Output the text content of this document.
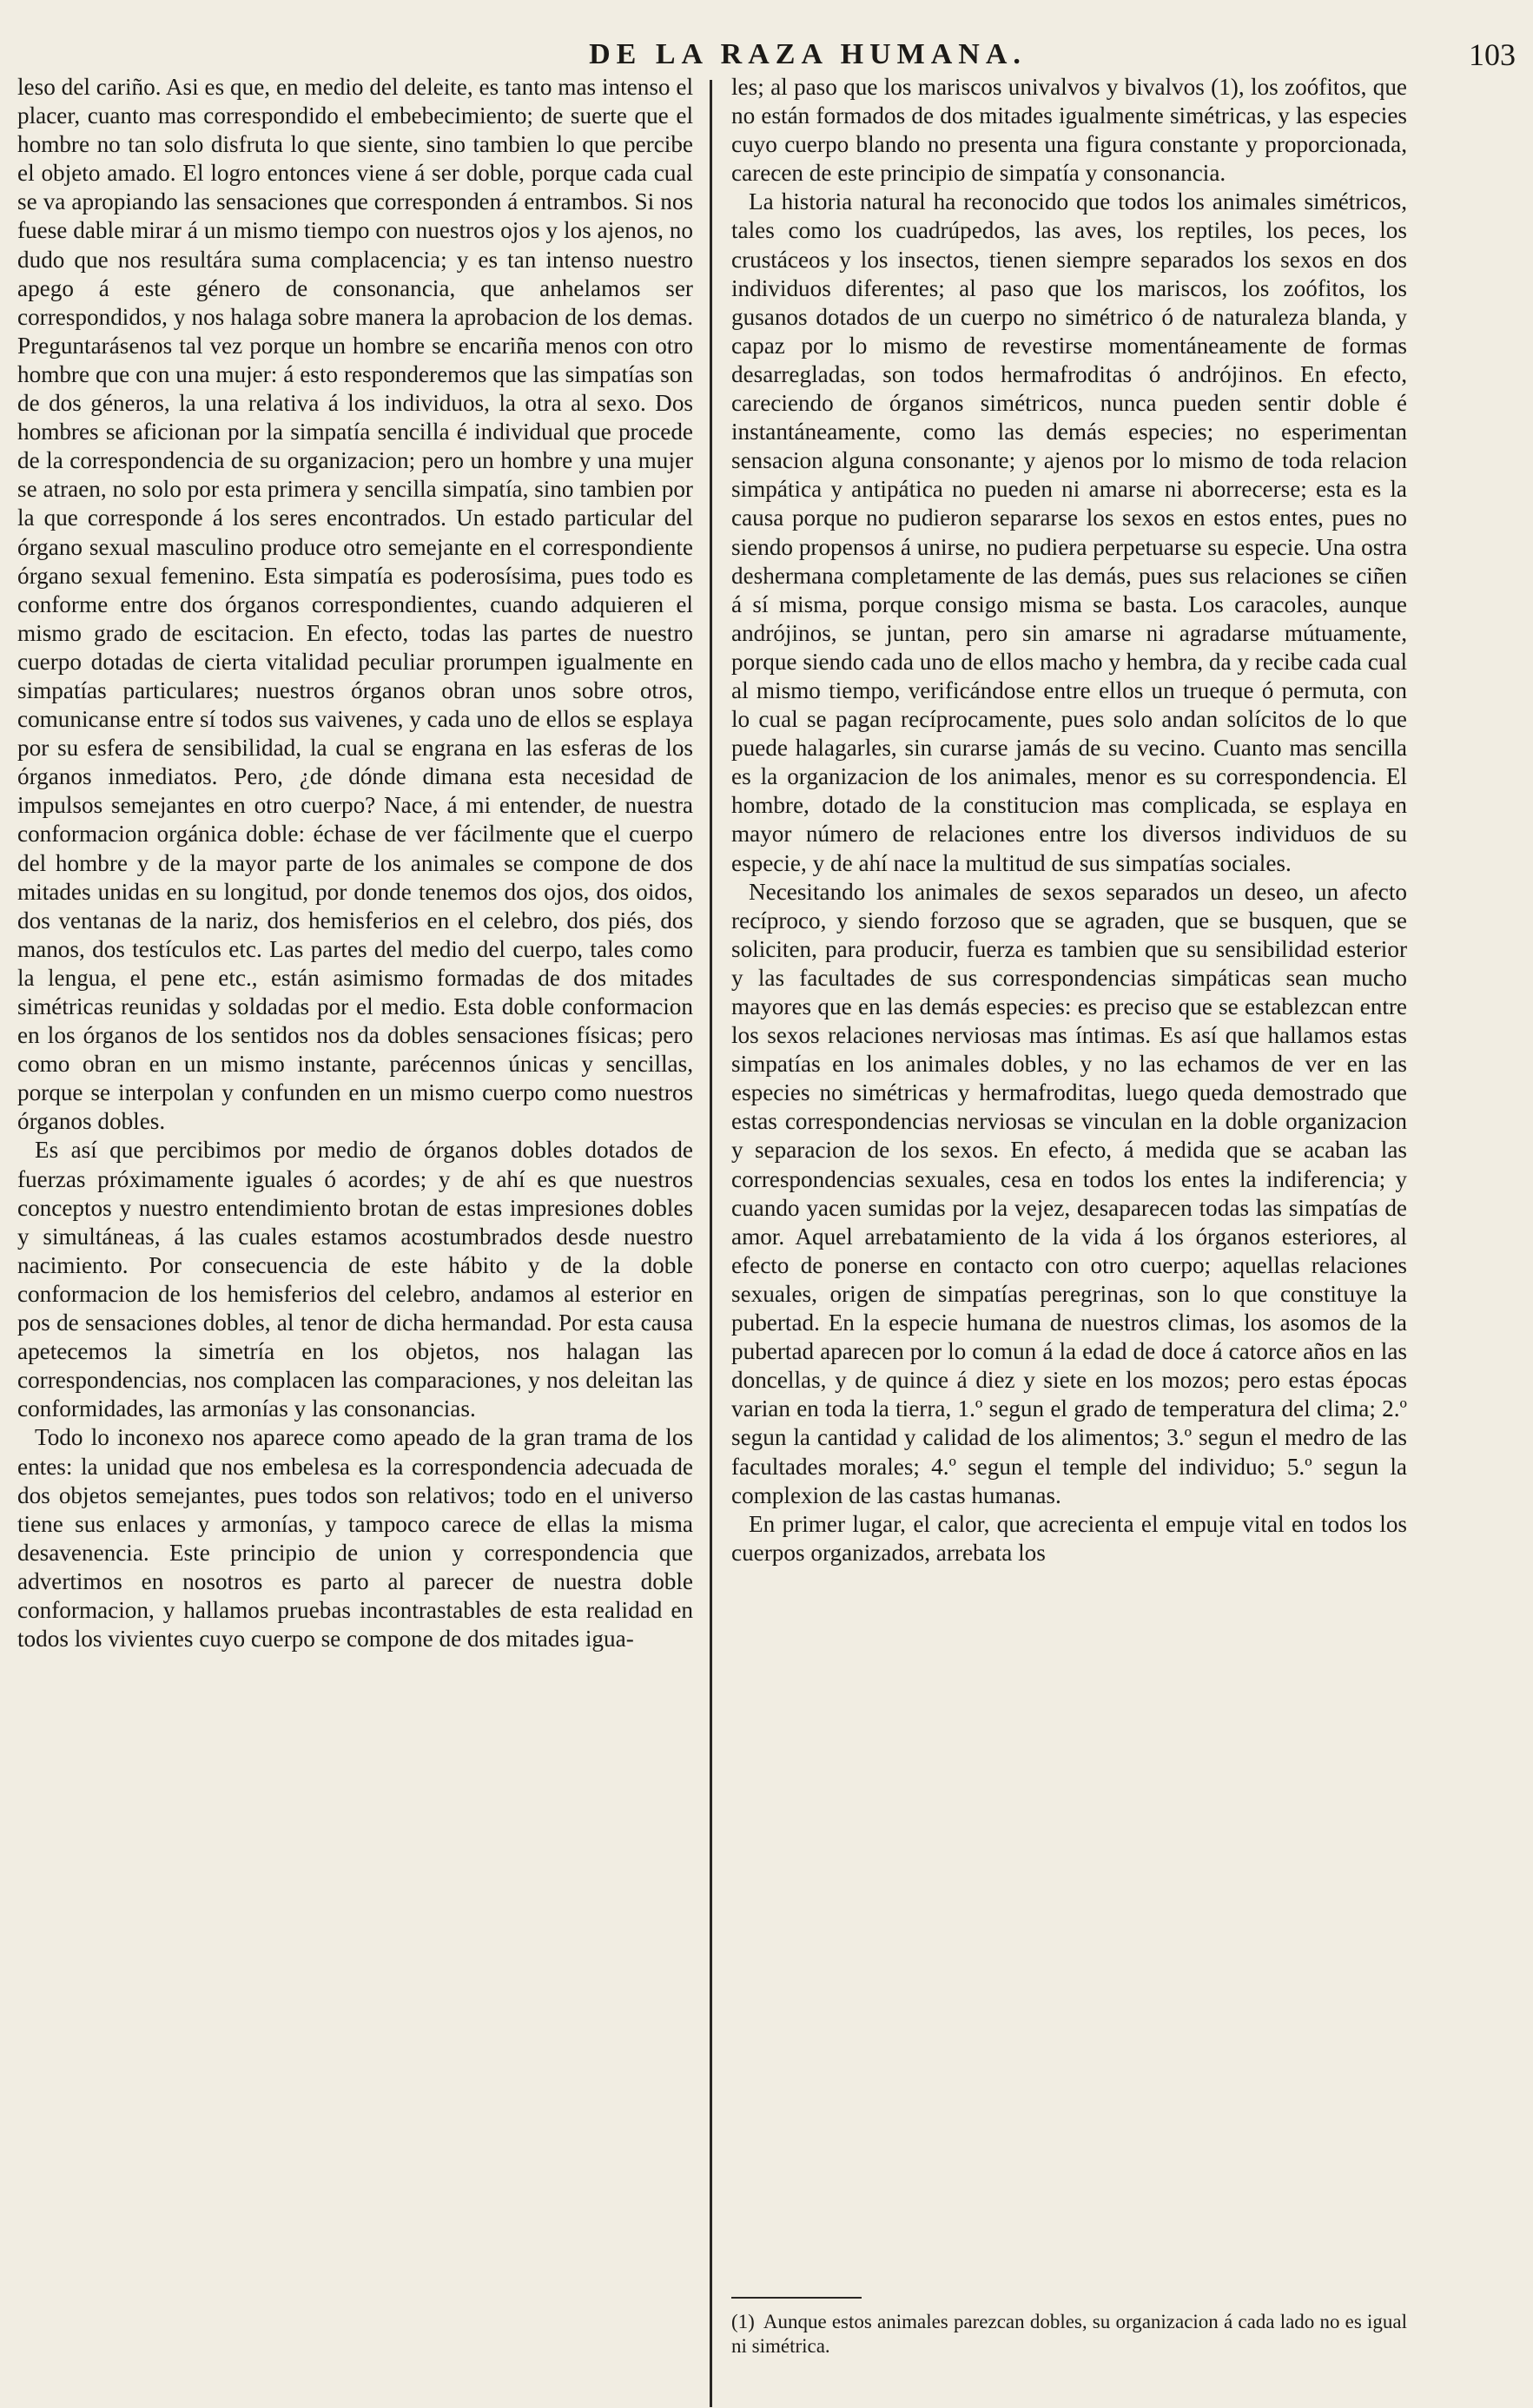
DE LA RAZA HUMANA.	103

leso del cariño. Asi es que, en medio del deleite, es tanto mas intenso el placer, cuanto mas correspondido el embebecimiento; de suerte que el hombre no tan solo disfruta lo que siente, sino tambien lo que percibe el objeto amado. El logro entonces viene á ser doble, porque cada cual se va apropiando las sensaciones que corresponden á entrambos. Si nos fuese dable mirar á un mismo tiempo con nuestros ojos y los ajenos, no dudo que nos resultára suma complacencia; y es tan intenso nuestro apego á este género de consonancia, que anhelamos ser correspondidos, y nos halaga sobre manera la aprobacion de los demas. Preguntarásenos tal vez porque un hombre se encariña menos con otro hombre que con una mujer: á esto responderemos que las simpatías son de dos géneros, la una relativa á los individuos, la otra al sexo. Dos hombres se aficionan por la simpatía sencilla é individual que procede de la correspondencia de su organizacion; pero un hombre y una mujer se atraen, no solo por esta primera y sencilla simpatía, sino tambien por la que corresponde á los seres encontrados. Un estado particular del órgano sexual masculino produce otro semejante en el correspondiente órgano sexual femenino. Esta simpatía es poderosísima, pues todo es conforme entre dos órganos correspondientes, cuando adquieren el mismo grado de escitacion. En efecto, todas las partes de nuestro cuerpo dotadas de cierta vitalidad peculiar prorumpen igualmente en simpatías particulares; nuestros órganos obran unos sobre otros, comunicanse entre sí todos sus vaivenes, y cada uno de ellos se esplaya por su esfera de sensibilidad, la cual se engrana en las esferas de los órganos inmediatos. Pero, ¿de dónde dimana esta necesidad de impulsos semejantes en otro cuerpo? Nace, á mi entender, de nuestra conformacion orgánica doble: échase de ver fácilmente que el cuerpo del hombre y de la mayor parte de los animales se compone de dos mitades unidas en su longitud, por donde tenemos dos ojos, dos oidos, dos ventanas de la nariz, dos hemisferios en el celebro, dos piés, dos manos, dos testículos etc. Las partes del medio del cuerpo, tales como la lengua, el pene etc., están asimismo formadas de dos mitades simétricas reunidas y soldadas por el medio. Esta doble conformacion en los órganos de los sentidos nos da dobles sensaciones físicas; pero como obran en un mismo instante, parécennos únicas y sencillas, porque se interpolan y confunden en un mismo cuerpo como nuestros órganos dobles.

Es así que percibimos por medio de órganos dobles dotados de fuerzas próximamente iguales ó acordes; y de ahí es que nuestros conceptos y nuestro entendimiento brotan de estas impresiones dobles y simultáneas, á las cuales estamos acostumbrados desde nuestro nacimiento. Por consecuencia de este hábito y de la doble conformacion de los hemisferios del celebro, andamos al esterior en pos de sensaciones dobles, al tenor de dicha hermandad. Por esta causa apetecemos la simetría en los objetos, nos halagan las correspondencias, nos complacen las comparaciones, y nos deleitan las conformidades, las armonías y las consonancias.

Todo lo inconexo nos aparece como apeado de la gran trama de los entes: la unidad que nos embelesa es la correspondencia adecuada de dos objetos semejantes, pues todos son relativos; todo en el universo tiene sus enlaces y armonías, y tampoco carece de ellas la misma desavenencia. Este principio de union y correspondencia que advertimos en nosotros es parto al parecer de nuestra doble conformacion, y hallamos pruebas incontrastables de esta realidad en todos los vivientes cuyo cuerpo se compone de dos mitades igua-

les; al paso que los mariscos univalvos y bivalvos (1), los zoófitos, que no están formados de dos mitades igualmente simétricas, y las especies cuyo cuerpo blando no presenta una figura constante y proporcionada, carecen de este principio de simpatía y consonancia.

La historia natural ha reconocido que todos los animales simétricos, tales como los cuadrúpedos, las aves, los reptiles, los peces, los crustáceos y los insectos, tienen siempre separados los sexos en dos individuos diferentes; al paso que los mariscos, los zoófitos, los gusanos dotados de un cuerpo no simétrico ó de naturaleza blanda, y capaz por lo mismo de revestirse momentáneamente de formas desarregladas, son todos hermafroditas ó andrójinos. En efecto, careciendo de órganos simétricos, nunca pueden sentir doble é instantáneamente, como las demás especies; no esperimentan sensacion alguna consonante; y ajenos por lo mismo de toda relacion simpática y antipática no pueden ni amarse ni aborrecerse; esta es la causa porque no pudieron separarse los sexos en estos entes, pues no siendo propensos á unirse, no pudiera perpetuarse su especie. Una ostra deshermana completamente de las demás, pues sus relaciones se ciñen á sí misma, porque consigo misma se basta. Los caracoles, aunque andrójinos, se juntan, pero sin amarse ni agradarse mútuamente, porque siendo cada uno de ellos macho y hembra, da y recibe cada cual al mismo tiempo, verificándose entre ellos un trueque ó permuta, con lo cual se pagan recíprocamente, pues solo andan solícitos de lo que puede halagarles, sin curarse jamás de su vecino. Cuanto mas sencilla es la organizacion de los animales, menor es su correspondencia. El hombre, dotado de la constitucion mas complicada, se esplaya en mayor número de relaciones entre los diversos individuos de su especie, y de ahí nace la multitud de sus simpatías sociales.

Necesitando los animales de sexos separados un deseo, un afecto recíproco, y siendo forzoso que se agraden, que se busquen, que se soliciten, para producir, fuerza es tambien que su sensibilidad esterior y las facultades de sus correspondencias simpáticas sean mucho mayores que en las demás especies: es preciso que se establezcan entre los sexos relaciones nerviosas mas íntimas. Es así que hallamos estas simpatías en los animales dobles, y no las echamos de ver en las especies no simétricas y hermafroditas, luego queda demostrado que estas correspondencias nerviosas se vinculan en la doble organizacion y separacion de los sexos. En efecto, á medida que se acaban las correspondencias sexuales, cesa en todos los entes la indiferencia; y cuando yacen sumidas por la vejez, desaparecen todas las simpatías de amor. Aquel arrebatamiento de la vida á los órganos esteriores, al efecto de ponerse en contacto con otro cuerpo; aquellas relaciones sexuales, origen de simpatías peregrinas, son lo que constituye la pubertad. En la especie humana de nuestros climas, los asomos de la pubertad aparecen por lo comun á la edad de doce á catorce años en las doncellas, y de quince á diez y siete en los mozos; pero estas épocas varian en toda la tierra, 1.º segun el grado de temperatura del clima; 2.º segun la cantidad y calidad de los alimentos; 3.º segun el medro de las facultades morales; 4.º segun el temple del individuo; 5.º segun la complexion de las castas humanas.

En primer lugar, el calor, que acrecienta el empuje vital en todos los cuerpos organizados, arrebata los

(1) Aunque estos animales parezcan dobles, su organizacion á cada lado no es igual ni simétrica.
